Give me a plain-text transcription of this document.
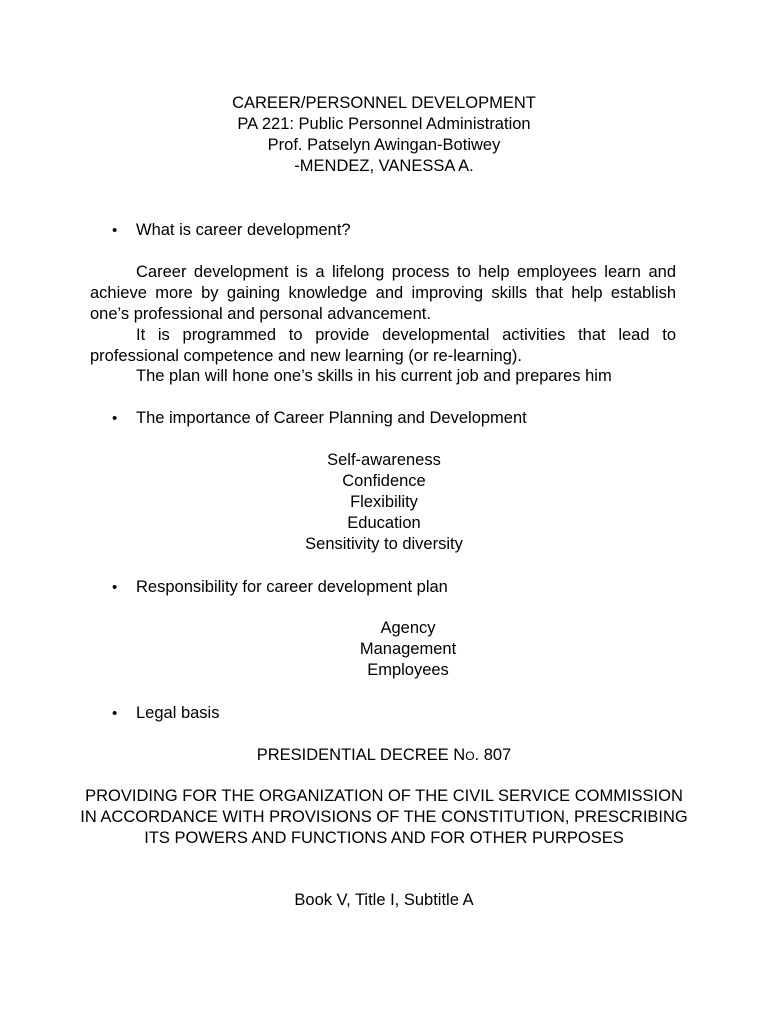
CAREER/PERSONNEL DEVELOPMENT
PA 221: Public Personnel Administration
Prof. Patselyn Awingan-Botiwey
-MENDEZ, VANESSA A.
• What is career development?
Career development is a lifelong process to help employees learn and achieve more by gaining knowledge and improving skills that help establish one’s professional and personal advancement.
It is programmed to provide developmental activities that lead to professional competence and new learning (or re-learning).
The plan will hone one’s skills in his current job and prepares him
• The importance of Career Planning and Development
Self-awareness
Confidence
Flexibility
Education
Sensitivity to diversity
• Responsibility for career development plan
Agency
Management
Employees
• Legal basis
PRESIDENTIAL DECREE No. 807
PROVIDING FOR THE ORGANIZATION OF THE CIVIL SERVICE COMMISSION IN ACCORDANCE WITH PROVISIONS OF THE CONSTITUTION, PRESCRIBING ITS POWERS AND FUNCTIONS AND FOR OTHER PURPOSES
Book V, Title I, Subtitle A
